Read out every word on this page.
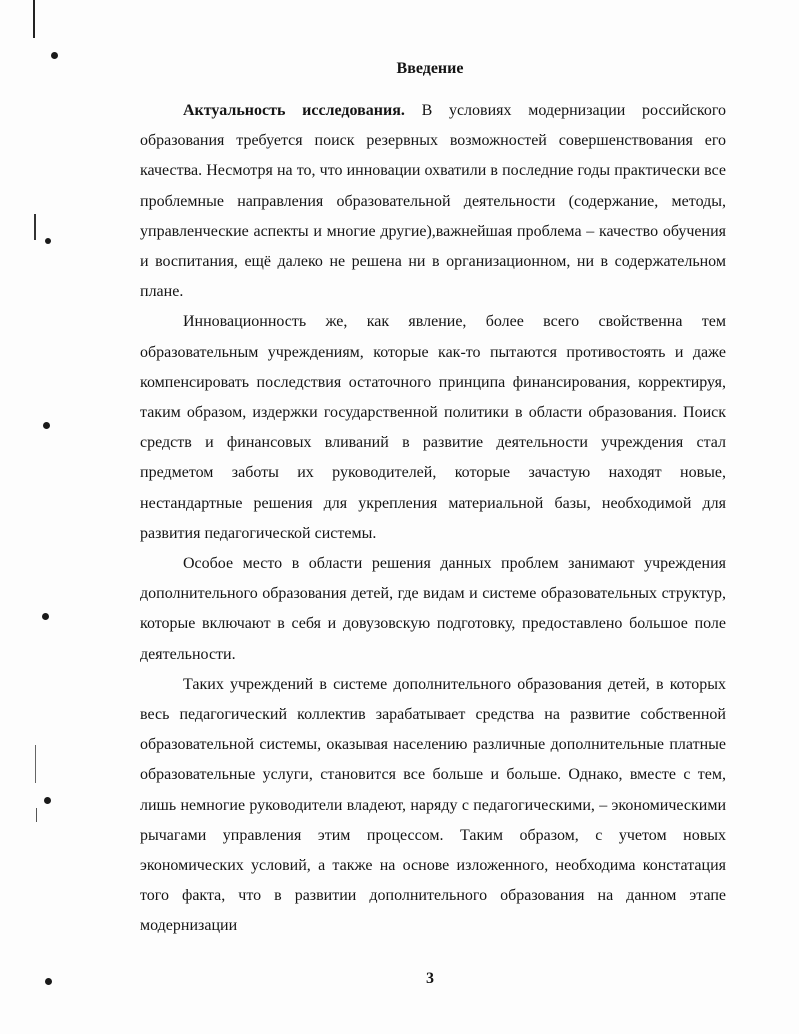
Введение

Актуальность исследования. В условиях модернизации российского образования требуется поиск резервных возможностей совершенствования его качества. Несмотря на то, что инновации охватили в последние годы практически все проблемные направления образовательной деятельности (содержание, методы, управленческие аспекты и многие другие),важнейшая проблема – качество обучения и воспитания, ещё далеко не решена ни в организационном, ни в содержательном плане.

Инновационность же, как явление, более всего свойственна тем образовательным учреждениям, которые как-то пытаются противостоять и даже компенсировать последствия остаточного принципа финансирования, корректируя, таким образом, издержки государственной политики в области образования. Поиск средств и финансовых вливаний в развитие деятельности учреждения стал предметом заботы их руководителей, которые зачастую находят новые, нестандартные решения для укрепления материальной базы, необходимой для развития педагогической системы.

Особое место в области решения данных проблем занимают учреждения дополнительного образования детей, где видам и системе образовательных структур, которые включают в себя и довузовскую подготовку, предоставлено большое поле деятельности.

Таких учреждений в системе дополнительного образования детей, в которых весь педагогический коллектив зарабатывает средства на развитие собственной образовательной системы, оказывая населению различные дополнительные платные образовательные услуги, становится все больше и больше. Однако, вместе с тем, лишь немногие руководители владеют, наряду с педагогическими, – экономическими рычагами управления этим процессом. Таким образом, с учетом новых экономических условий, а также на основе изложенного, необходима констатация того факта, что в развитии дополнительного образования на данном этапе модернизации

3
